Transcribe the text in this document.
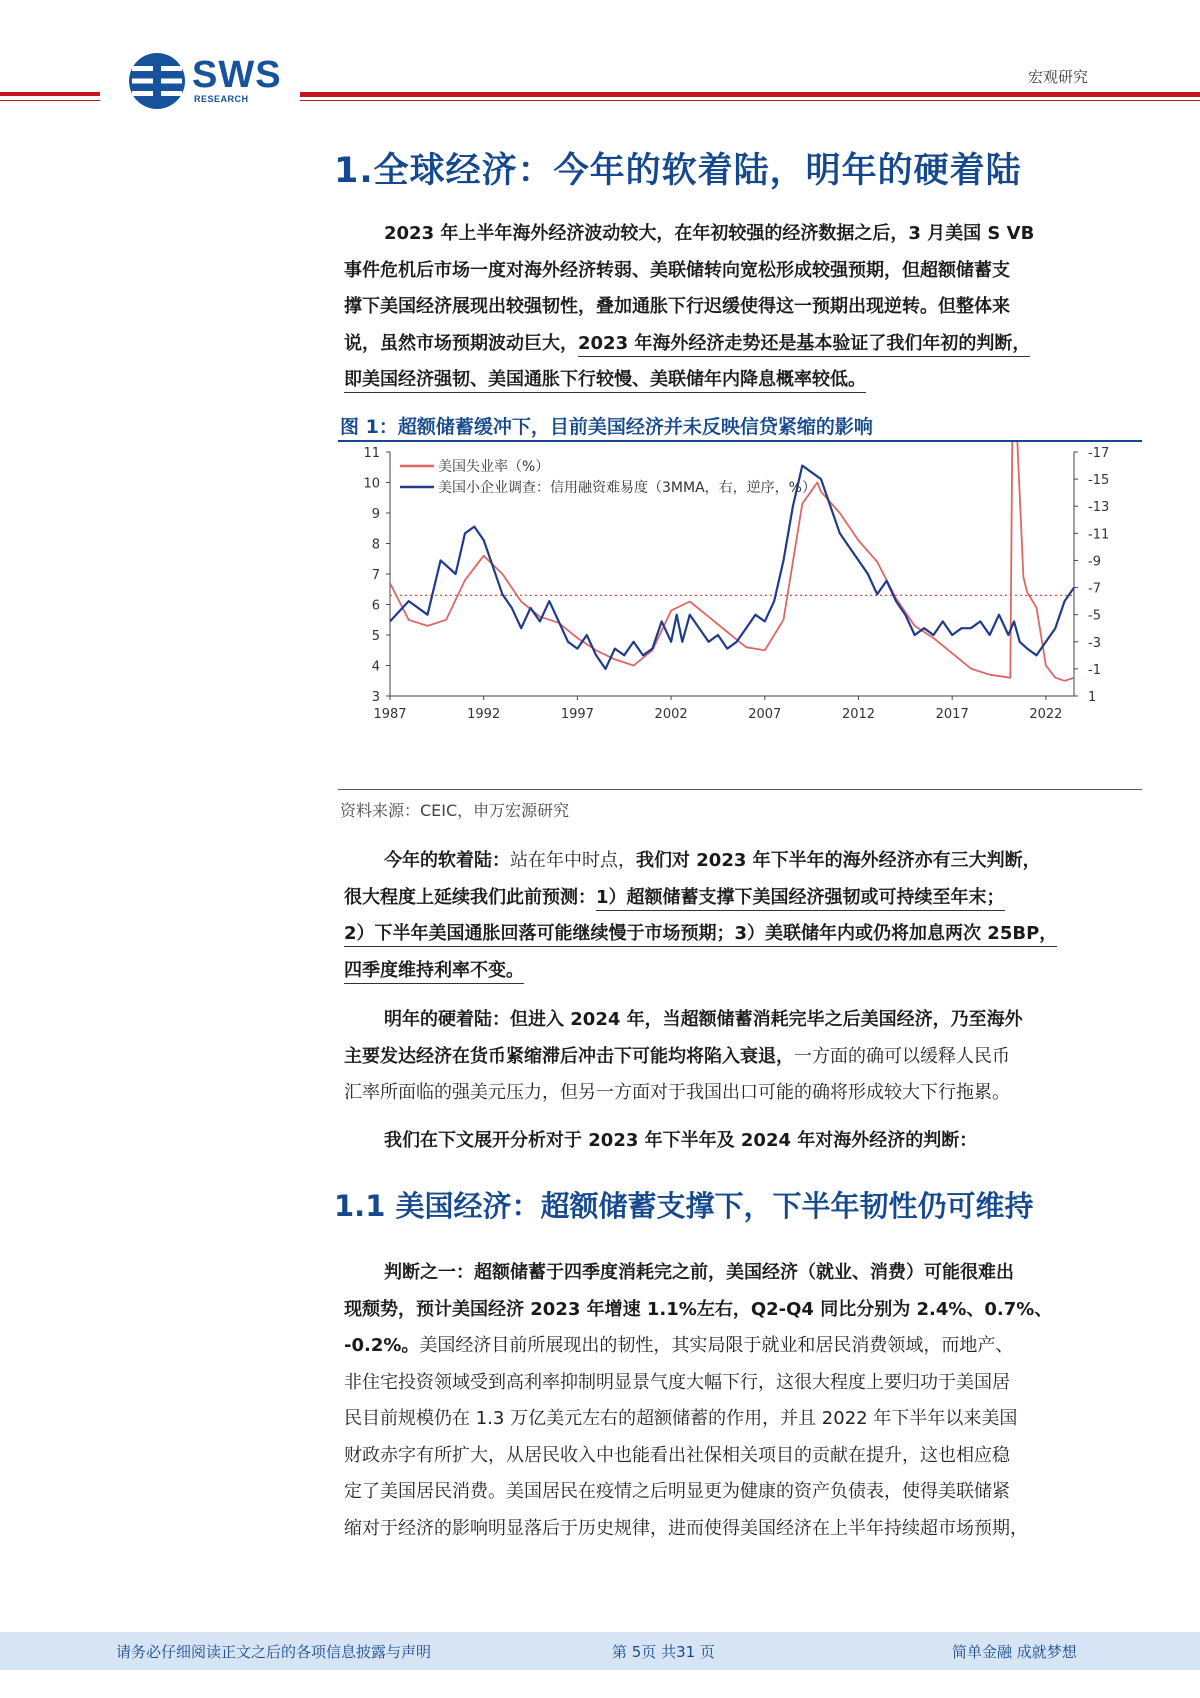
SWS
RESEARCH
宏观研究
1.全球经济：今年的软着陆，明年的硬着陆
2023 年上半年海外经济波动较大，在年初较强的经济数据之后，3 月美国 S VB
事件危机后市场一度对海外经济转弱、美联储转向宽松形成较强预期，但超额储蓄支
撑下美国经济展现出较强韧性，叠加通胀下行迟缓使得这一预期出现逆转。但整体来
说，虽然市场预期波动巨大，2023 年海外经济走势还是基本验证了我们年初的判断，
即美国经济强韧、美国通胀下行较慢、美联储年内降息概率较低。
图 1：超额储蓄缓冲下，目前美国经济并未反映信贷紧缩的影响
11
10
9
8
7
6
5
4
3
-17
-15
-13
-11
-9
-7
-5
-3
-1
1
1987	1992	1997	2002	2007	2012	2017	2022
美国失业率（%）
美国小企业调查：信用融资难易度（3MMA，右，逆序，%）
资料来源：CEIC，申万宏源研究
今年的软着陆：站在年中时点，我们对 2023 年下半年的海外经济亦有三大判断，
很大程度上延续我们此前预测：1）超额储蓄支撑下美国经济强韧或可持续至年末；
2）下半年美国通胀回落可能继续慢于市场预期；3）美联储年内或仍将加息两次 25BP，
四季度维持利率不变。
明年的硬着陆：但进入 2024 年，当超额储蓄消耗完毕之后美国经济，乃至海外
主要发达经济在货币紧缩滞后冲击下可能均将陷入衰退，一方面的确可以缓释人民币
汇率所面临的强美元压力，但另一方面对于我国出口可能的确将形成较大下行拖累。
我们在下文展开分析对于 2023 年下半年及 2024 年对海外经济的判断：
1.1 美国经济：超额储蓄支撑下，下半年韧性仍可维持
判断之一：超额储蓄于四季度消耗完之前，美国经济（就业、消费）可能很难出
现颓势，预计美国经济 2023 年增速 1.1%左右，Q2-Q4 同比分别为 2.4%、0.7%、
-0.2%。美国经济目前所展现出的韧性，其实局限于就业和居民消费领域，而地产、
非住宅投资领域受到高利率抑制明显景气度大幅下行，这很大程度上要归功于美国居
民目前规模仍在 1.3 万亿美元左右的超额储蓄的作用，并且 2022 年下半年以来美国
财政赤字有所扩大，从居民收入中也能看出社保相关项目的贡献在提升，这也相应稳
定了美国居民消费。美国居民在疫情之后明显更为健康的资产负债表，使得美联储紧
缩对于经济的影响明显落后于历史规律，进而使得美国经济在上半年持续超市场预期，
请务必仔细阅读正文之后的各项信息披露与声明	第 5页 共31 页	简单金融 成就梦想
